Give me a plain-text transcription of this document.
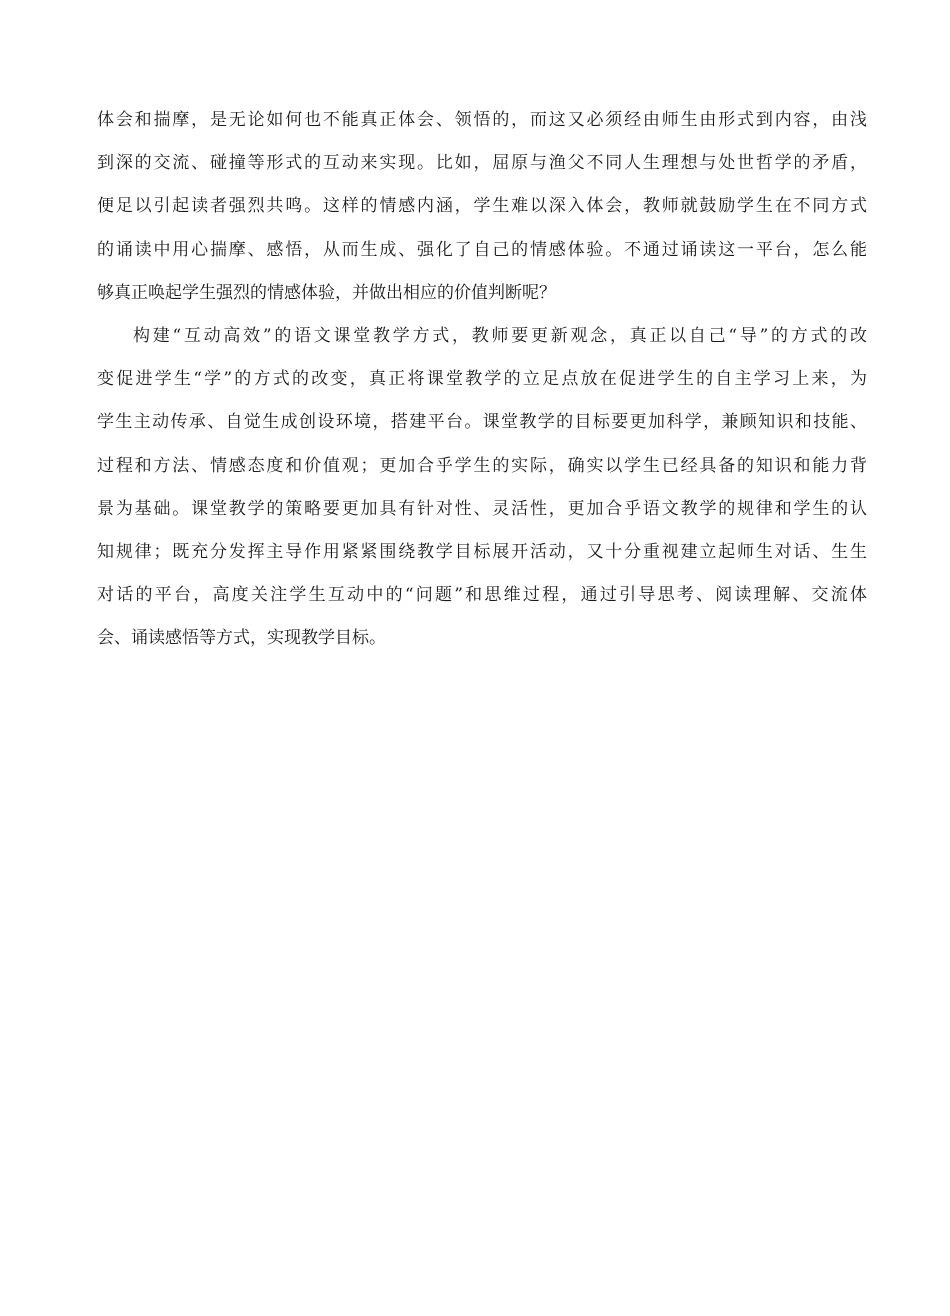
体会和揣摩，是无论如何也不能真正体会、领悟的，而这又必须经由师生由形式到内容，由浅
到深的交流、碰撞等形式的互动来实现。比如，屈原与渔父不同人生理想与处世哲学的矛盾，
便足以引起读者强烈共鸣。这样的情感内涵，学生难以深入体会，教师就鼓励学生在不同方式
的诵读中用心揣摩、感悟，从而生成、强化了自己的情感体验。不通过诵读这一平台，怎么能
够真正唤起学生强烈的情感体验，并做出相应的价值判断呢？
构建“互动高效”的语文课堂教学方式，教师要更新观念，真正以自己“导”的方式的改
变促进学生“学”的方式的改变，真正将课堂教学的立足点放在促进学生的自主学习上来，为
学生主动传承、自觉生成创设环境，搭建平台。课堂教学的目标要更加科学，兼顾知识和技能、
过程和方法、情感态度和价值观；更加合乎学生的实际，确实以学生已经具备的知识和能力背
景为基础。课堂教学的策略要更加具有针对性、灵活性，更加合乎语文教学的规律和学生的认
知规律；既充分发挥主导作用紧紧围绕教学目标展开活动，又十分重视建立起师生对话、生生
对话的平台，高度关注学生互动中的“问题”和思维过程，通过引导思考、阅读理解、交流体
会、诵读感悟等方式，实现教学目标。
